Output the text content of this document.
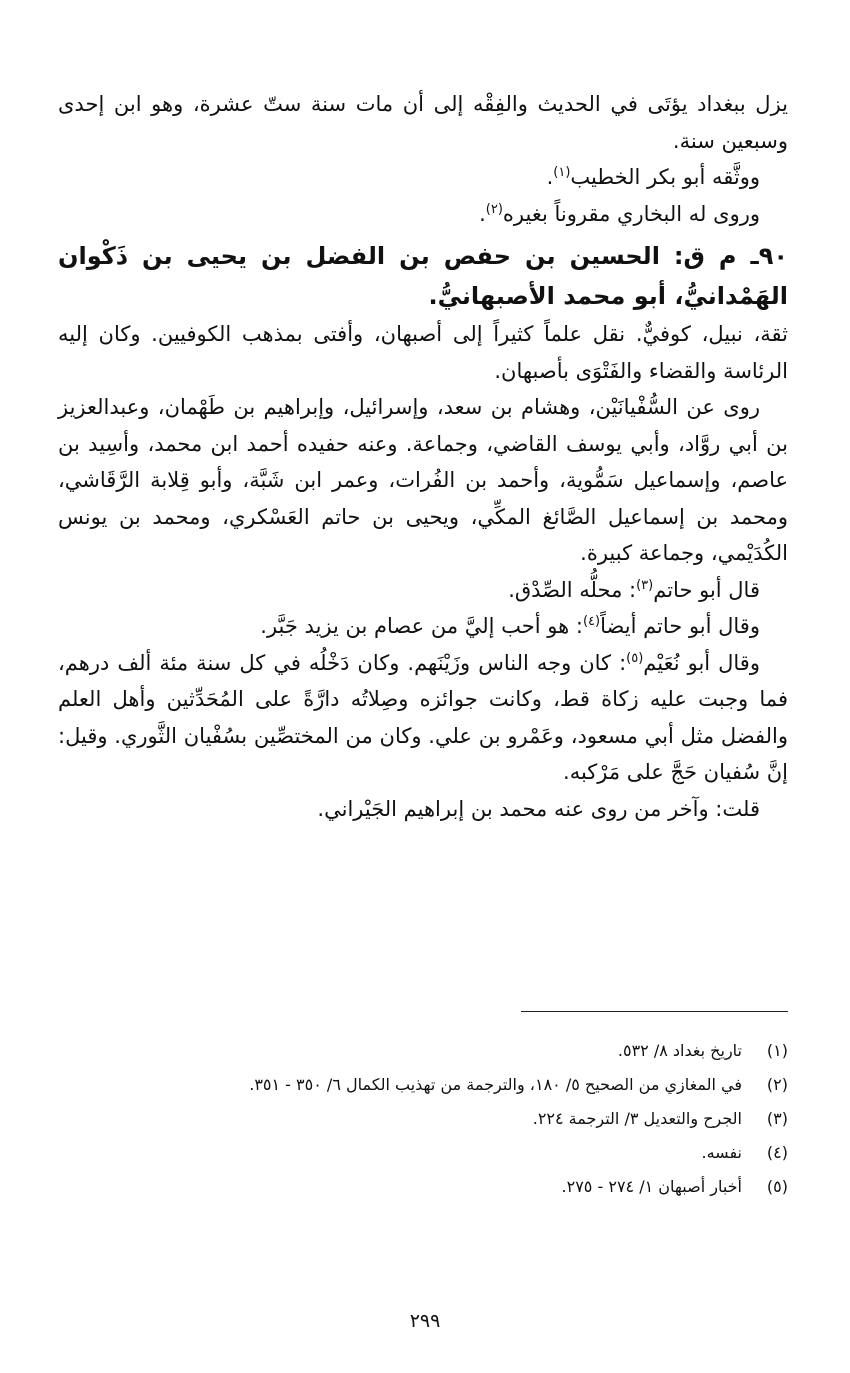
يزل ببغداد يؤتَى في الحديث والفِقْه إلى أن مات سنة ستّ عشرة، وهو ابن إحدى وسبعين سنة.

ووثَّقه أبو بكر الخطيب$^{(١)}$.

وروى له البخاري مقروناً بغيره$^{(٢)}$.

٩٠ـ م ق: الحسين بن حفص بن الفضل بن يحيى بن ذَكْوان الهَمْدانيُّ، أبو محمد الأصبهانيُّ.

ثقة، نبيل، كوفيٌّ. نقل علماً كثيراً إلى أصبهان، وأفتى بمذهب الكوفيين. وكان إليه الرئاسة والقضاء والفَتْوَى بأصبهان.

روى عن السُّفْيانَيْن، وهشام بن سعد، وإسرائيل، وإبراهيم بن طَهْمان، وعبدالعزيز بن أبي روَّاد، وأبي يوسف القاضي، وجماعة. وعنه حفيده أحمد ابن محمد، وأسِيد بن عاصم، وإسماعيل سَمُّوية، وأحمد بن الفُرات، وعمر ابن شَبَّة، وأبو قِلابة الرَّقَاشي، ومحمد بن إسماعيل الصَّائغ المكِّي، ويحيى بن حاتم العَسْكري، ومحمد بن يونس الكُدَيْمي، وجماعة كبيرة.

قال أبو حاتم$^{(٣)}$: محلُّه الصِّدْق.

وقال أبو حاتم أيضاً$^{(٤)}$: هو أحب إليَّ من عصام بن يزيد جَبَّر.

وقال أبو نُعَيْم$^{(٥)}$: كان وجه الناس وزَيْنَهم. وكان دَخْلُه في كل سنة مئة ألف درهم، فما وجبت عليه زكاة قط، وكانت جوائزه وصِلاتُه دارَّةً على المُحَدِّثين وأهل العلم والفضل مثل أبي مسعود، وعَمْرو بن علي. وكان من المختصِّين بسُفْيان الثَّوري. وقيل: إنَّ سُفيان حَجَّ على مَرْكبه.

قلت: وآخر من روى عنه محمد بن إبراهيم الجَيْراني.

(١)
تاريخ بغداد ٨/ ٥٣٢.
(٢)
في المغازي من الصحيح ٥/ ١٨٠، والترجمة من تهذيب الكمال ٦/ ٣٥٠ - ٣٥١.
(٣)
الجرح والتعديل ٣/ الترجمة ٢٢٤.
(٤)
نفسه.
(٥)
أخبار أصبهان ١/ ٢٧٤ - ٢٧٥.
٢٩٩
